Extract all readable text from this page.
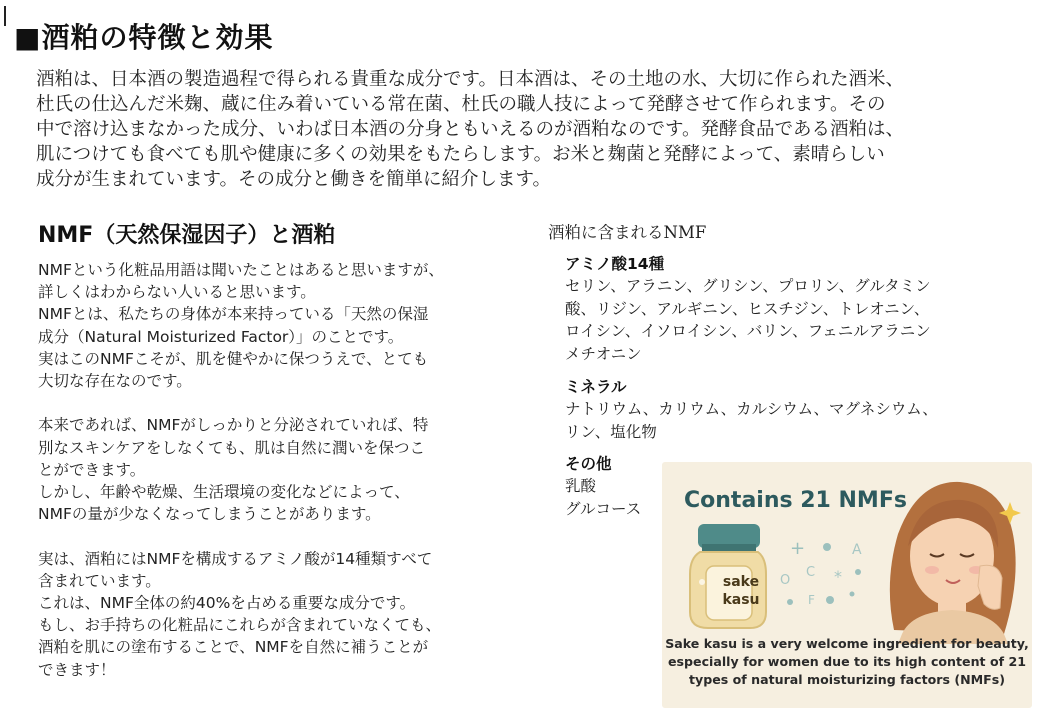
■酒粕の特徴と効果
酒粕は、日本酒の製造過程で得られる貴重な成分です。日本酒は、その土地の水、大切に作られた酒米、
杜氏の仕込んだ米麹、蔵に住み着いている常在菌、杜氏の職人技によって発酵させて作られます。その
中で溶け込まなかった成分、いわば日本酒の分身ともいえるのが酒粕なのです。発酵食品である酒粕は、
肌につけても食べても肌や健康に多くの効果をもたらします。お米と麹菌と発酵によって、素晴らしい
成分が生まれています。その成分と働きを簡単に紹介します。
NMF（天然保湿因子）と酒粕
NMFという化粧品用語は聞いたことはあると思いますが、
詳しくはわからない人いると思います。
NMFとは、私たちの身体が本来持っている「天然の保湿
成分（Natural Moisturized Factor）」のことです。
実はこのNMFこそが、肌を健やかに保つうえで、とても
大切な存在なのです。
本来であれば、NMFがしっかりと分泌されていれば、特
別なスキンケアをしなくても、肌は自然に潤いを保つこ
とができます。
しかし、年齢や乾燥、生活環境の変化などによって、
NMFの量が少なくなってしまうことがあります。
実は、酒粕にはNMFを構成するアミノ酸が14種類すべて
含まれています。
これは、NMF全体の約40%を占める重要な成分です。
もし、お手持ちの化粧品にこれらが含まれていなくても、
酒粕を肌にの塗布することで、NMFを自然に補うことが
できます！
酒粕に含まれるNMF
アミノ酸14種
セリン、アラニン、グリシン、プロリン、グルタミン
酸、リジン、アルギニン、ヒスチジン、トレオニン、
ロイシン、イソロイシン、バリン、フェニルアラニン
メチオニン
ミネラル
ナトリウム、カリウム、カルシウム、マグネシウム、
リン、塩化物
その他
乳酸
グルコース
+	A
C
O	*
F
Contains 21 NMFs
sake
kasu
Sake kasu is a very welcome ingredient for beauty,
especially for women due to its high content of 21
types of natural moisturizing factors (NMFs)
